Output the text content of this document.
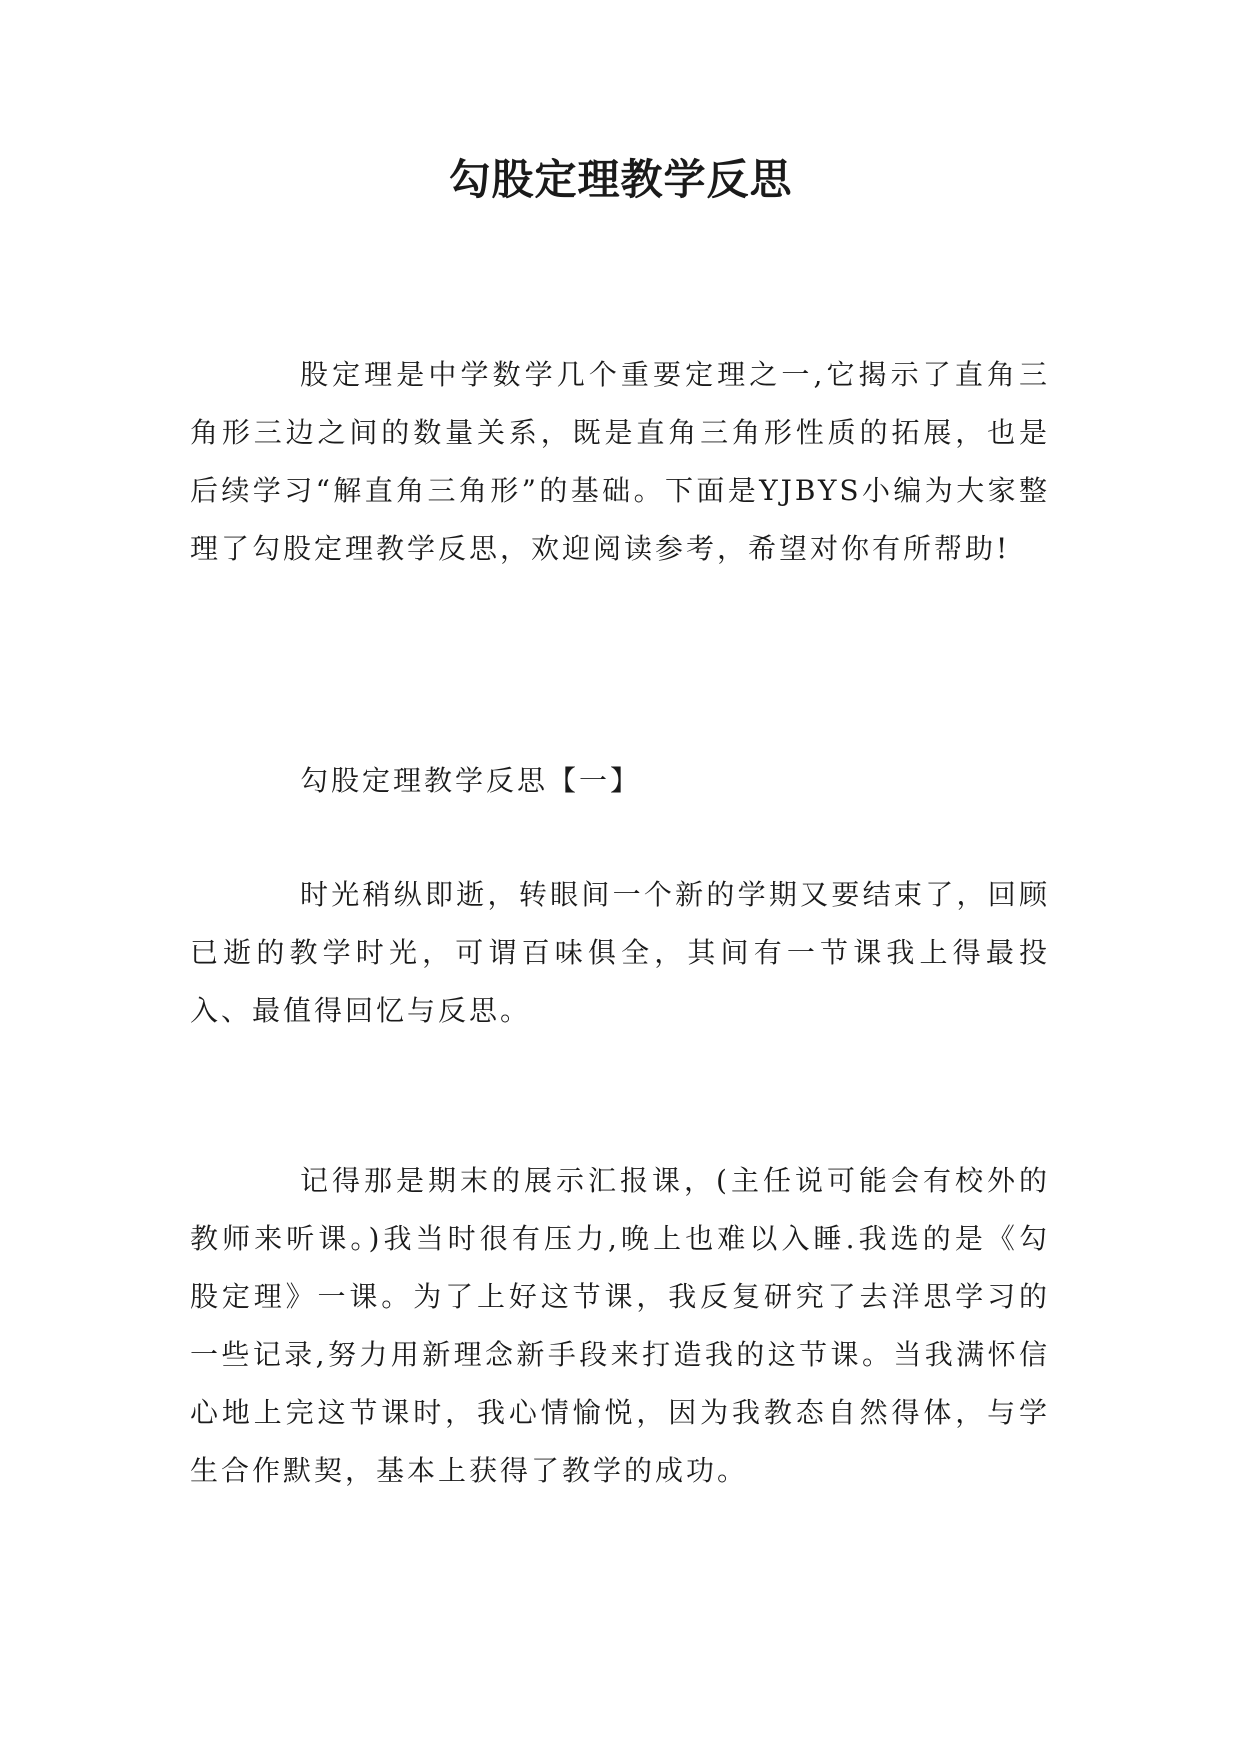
勾股定理教学反思

股定理是中学数学几个重要定理之一,它揭示了直角三角形三边之间的数量关系，既是直角三角形性质的拓展，也是后续学习“解直角三角形”的基础。下面是YJBYS小编为大家整理了勾股定理教学反思，欢迎阅读参考，希望对你有所帮助!

勾股定理教学反思【一】

时光稍纵即逝，转眼间一个新的学期又要结束了，回顾已逝的教学时光，可谓百味俱全，其间有一节课我上得最投入、最值得回忆与反思。

记得那是期末的展示汇报课，(主任说可能会有校外的教师来听课。)我当时很有压力,晚上也难以入睡.我选的是《勾股定理》一课。为了上好这节课，我反复研究了去洋思学习的一些记录,努力用新理念新手段来打造我的这节课。当我满怀信心地上完这节课时，我心情愉悦，因为我教态自然得体，与学生合作默契，基本上获得了教学的成功。
